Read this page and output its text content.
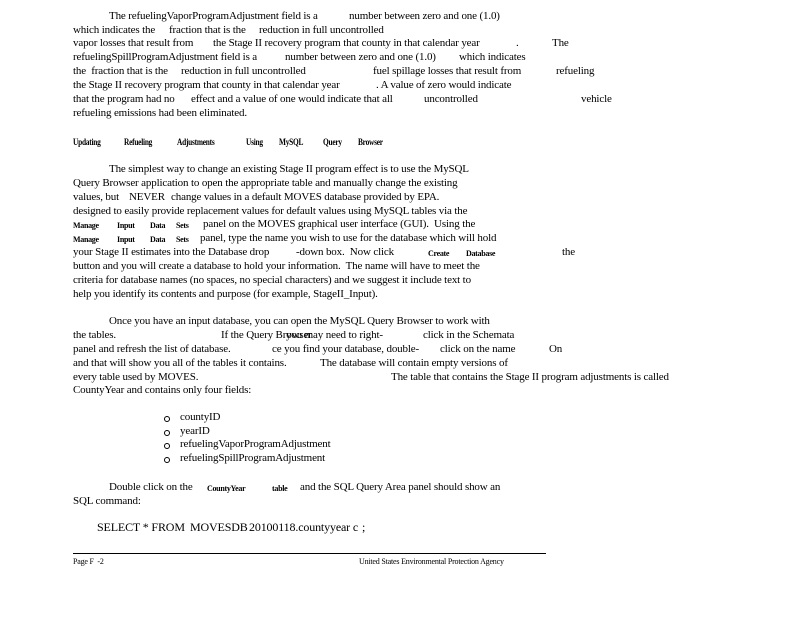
The refuelingVaporProgramAdjustment field is a	number between zero and one (1.0)
which indicates the fraction that is the reduction in full uncontrolled
vapor losses that result from the Stage II recovery program that county in that calendar year	.	The
refuelingSpillProgramAdjustment field is a	number between zero and one (1.0) which indicates
the  fraction that is the reduction in full uncontrolled	fuel spillage losses that result from	refueling
the Stage II recovery program that county in that calendar year	. A value of zero would indicate
that the program had no effect and a value of one would indicate that all	uncontrolled	vehicle
refueling emissions had been eliminated.
Updating	Refueling	Adjustments	Using MySQL Query Browser
The simplest way to change an existing Stage II program effect is to use the MySQL
Query Browser application to open the appropriate table and manually change the existing
values, but NEVER change values in a default MOVES database provided by EPA.
designed to easily provide replacement values for default values using MySQL tables via the
Manage Input Data Sets panel on the MOVES graphical user interface (GUI).  Using the
Manage Input Data Sets panel, type the name you wish to use for the database which will hold
your Stage II estimates into the Database drop -down box.  Now click	Create Database	the
button and you will create a database to hold your information.  The name will have to meet the
criteria for database names (no spaces, no special characters) and we suggest it include text to
help you identify its contents and purpose (for example, StageII_Input).
Once you have an input database, you can open the MySQL Query Browser to work with
the tables.	If the Query Browser
you may need to right-	click in the Schemata
panel and refresh the list of database.	ce you find your database, double- click on the name	On
and that will show you all of the tables it contains.	The database will contain empty versions of
every table used by MOVES.	The table that contains the Stage II program adjustments is called
CountyYear and contains only four fields:
countyID
yearID
refuelingVaporProgramAdjustment
refuelingSpillProgramAdjustment
Double click on the CountyYear	table and the SQL Query Area panel should show an
SQL command:
SELECT * FROM MOVESDB 20100118.countyyear c ;
Page F  -2	United States Environmental Protection Agency
